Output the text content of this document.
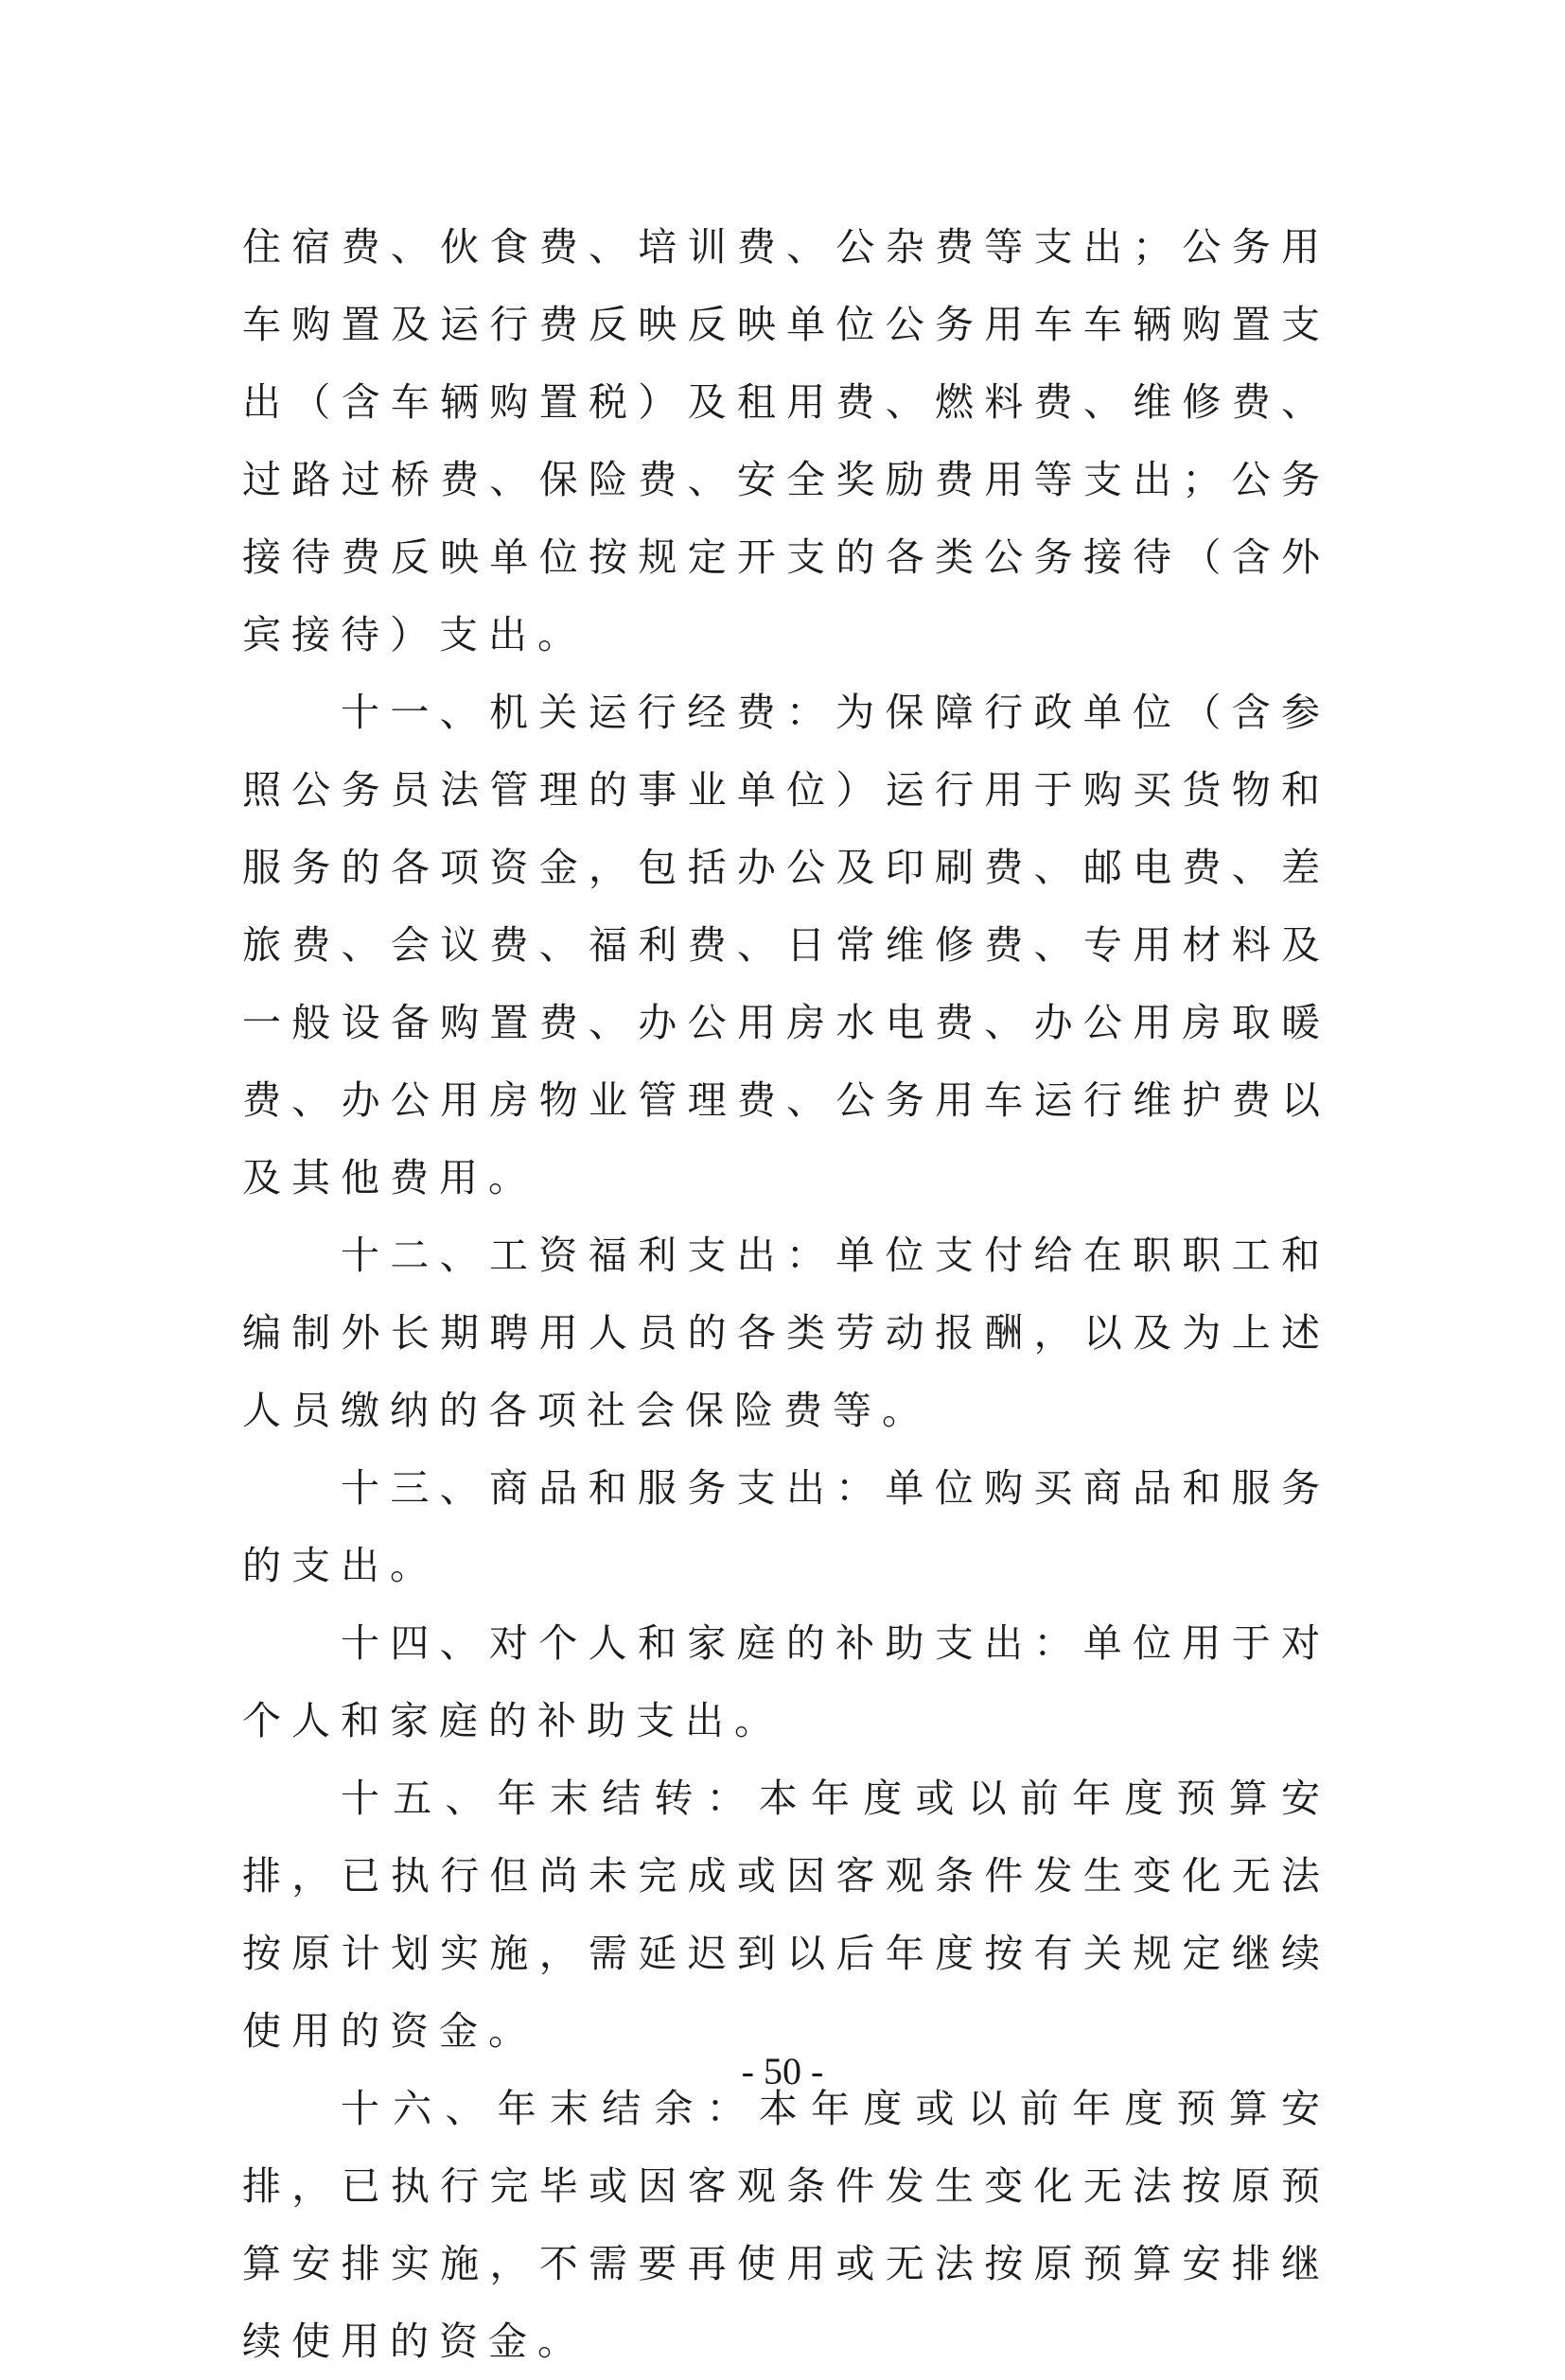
住宿费、伙食费、培训费、公杂费等支出；公务用车购置及运行费反映反映单位公务用车车辆购置支出（含车辆购置税）及租用费、燃料费、维修费、过路过桥费、保险费、安全奖励费用等支出；公务接待费反映单位按规定开支的各类公务接待（含外宾接待）支出。

十一、机关运行经费：为保障行政单位（含参照公务员法管理的事业单位）运行用于购买货物和服务的各项资金，包括办公及印刷费、邮电费、差旅费、会议费、福利费、日常维修费、专用材料及一般设备购置费、办公用房水电费、办公用房取暖费、办公用房物业管理费、公务用车运行维护费以及其他费用。

十二、工资福利支出：单位支付给在职职工和编制外长期聘用人员的各类劳动报酬，以及为上述人员缴纳的各项社会保险费等。

十三、商品和服务支出：单位购买商品和服务的支出。

十四、对个人和家庭的补助支出：单位用于对个人和家庭的补助支出。

十五、年末结转：本年度或以前年度预算安排，已执行但尚未完成或因客观条件发生变化无法按原计划实施，需延迟到以后年度按有关规定继续使用的资金。

十六、年末结余：本年度或以前年度预算安排，已执行完毕或因客观条件发生变化无法按原预算安排实施，不需要再使用或无法按原预算安排继续使用的资金。

- 50 -
